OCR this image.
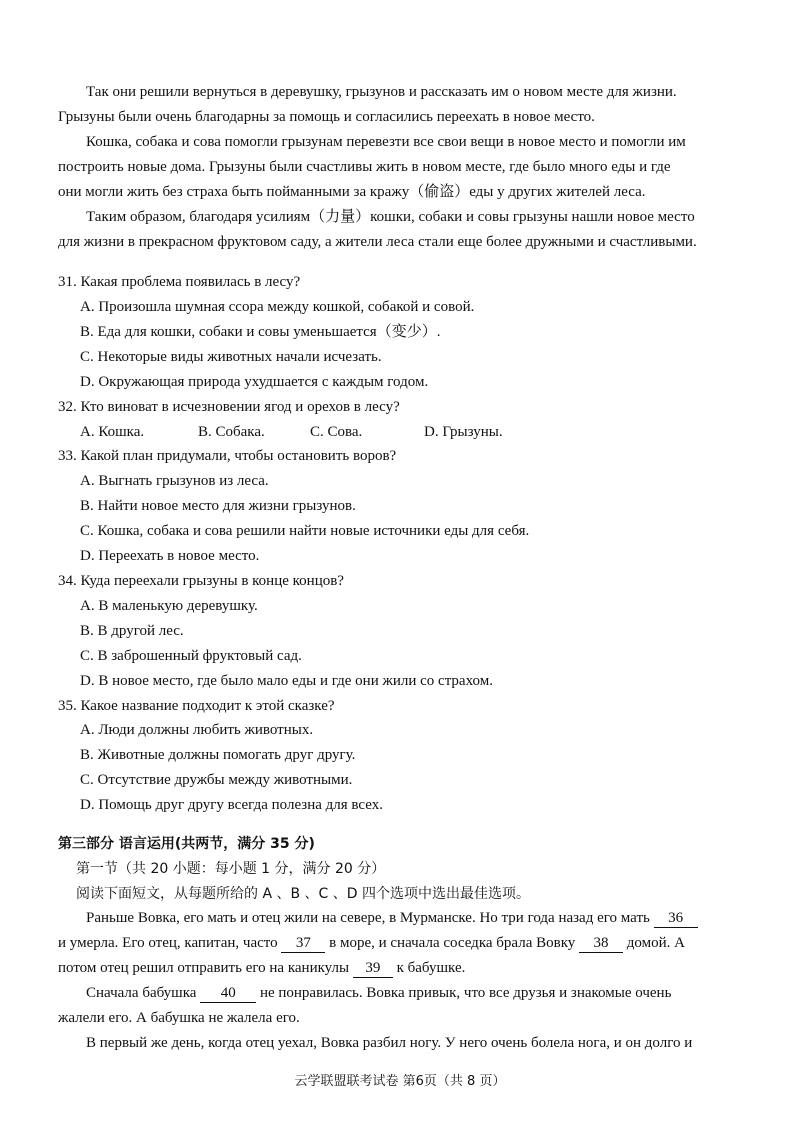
Так они решили вернуться в деревушку, грызунов и рассказать им о новом месте для жизни.
Грызуны были очень благодарны за помощь и согласились переехать в новое место.
Кошка, собака и сова помогли грызунам перевезти все свои вещи в новое место и помогли им
построить новые дома. Грызуны были счастливы жить в новом месте, где было много еды и где
они могли жить без страха быть пойманными за кражу（偷盗）еды у других жителей леса.
Таким образом, благодаря усилиям（力量）кошки, собаки и совы грызуны нашли новое место
для жизни в прекрасном фруктовом саду, а жители леса стали еще более дружными и счастливыми.
31. Какая проблема появилась в лесу?
A. Произошла шумная ссора между кошкой, собакой и совой.
B. Еда для кошки, собаки и совы уменьшается（变少）.
C. Некоторые виды животных начали исчезать.
D. Окружающая природа ухудшается с каждым годом.
32. Кто виноват в исчезновении ягод и орехов в лесу?
A. Кошка.	B. Собака.	C. Сова.	D. Грызуны.
33. Какой план придумали, чтобы остановить воров?
A. Выгнать грызунов из леса.
B. Найти новое место для жизни грызунов.
C. Кошка, собака и сова решили найти новые источники еды для себя.
D. Переехать в новое место.
34. Куда переехали грызуны в конце концов?
A. В маленькую деревушку.
B. В другой лес.
C. В заброшенный фруктовый сад.
D. В новое место, где было мало еды и где они жили со страхом.
35. Какое название подходит к этой сказке?
A. Люди должны любить животных.
B. Животные должны помогать друг другу.
C. Отсутствие дружбы между животными.
D. Помощь друг другу всегда полезна для всех.
第三部分 语言运用(共两节，满分 35 分)
第一节（共 20 小题：每小题 1 分，满分 20 分）
阅读下面短文，从每题所给的 A 、B 、C 、D 四个选项中选出最佳选项。
Раньше Вовка, его мать и отец жили на севере, в Мурманске. Но три года назад его мать 36
и умерла. Его отец, капитан, часто 37 в море, и сначала соседка брала Вовку 38 домой. А
потом отец решил отправить его на каникулы 39 к бабушке.
Сначала бабушка 40 не понравилась. Вовка привык, что все друзья и знакомые очень
жалели его. А бабушка не жалела его.
В первый же день, когда отец уехал, Вовка разбил ногу. У него очень болела нога, и он долго и
云学联盟联考试卷 第6页（共 8 页）
